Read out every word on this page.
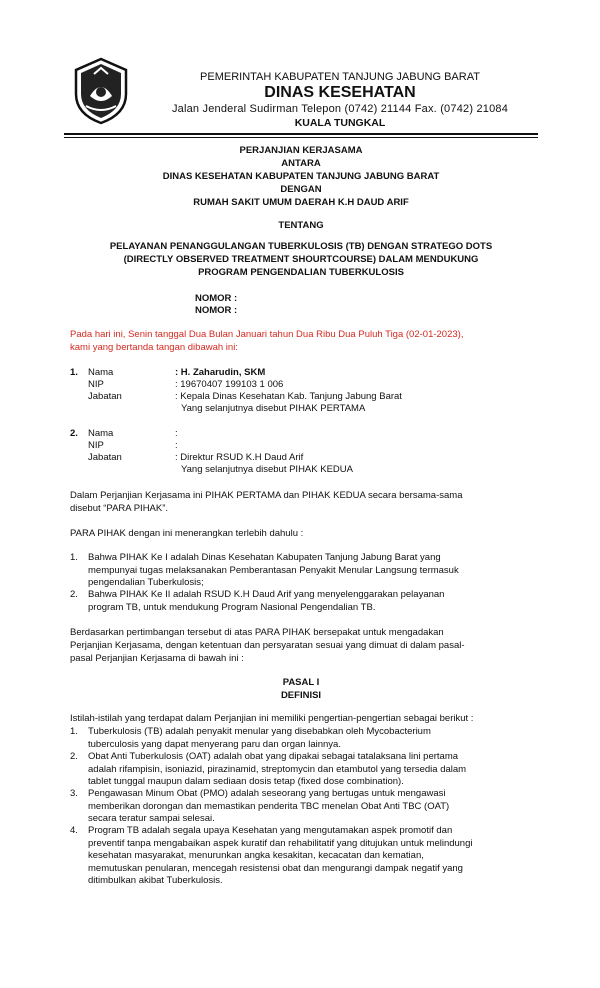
PEMERINTAH KABUPATEN TANJUNG JABUNG BARAT
DINAS KESEHATAN
Jalan Jenderal Sudirman Telepon (0742) 21144 Fax. (0742) 21084
KUALA TUNGKAL
PERJANJIAN KERJASAMA
ANTARA
DINAS KESEHATAN KABUPATEN TANJUNG JABUNG BARAT
DENGAN
RUMAH SAKIT UMUM DAERAH K.H DAUD ARIF
TENTANG
PELAYANAN PENANGGULANGAN TUBERKULOSIS (TB) DENGAN STRATEGO DOTS
(DIRECTLY OBSERVED TREATMENT SHOURTCOURSE) DALAM MENDUKUNG
PROGRAM PENGENDALIAN TUBERKULOSIS
NOMOR :
NOMOR :
Pada hari ini, Senin tanggal Dua Bulan Januari tahun Dua Ribu Dua Puluh Tiga (02-01-2023),
kami yang bertanda tangan dibawah ini:
1. Nama	: H. Zaharudin, SKM
NIP	: 19670407 199103 1 006
Jabatan	: Kepala Dinas Kesehatan Kab. Tanjung Jabung Barat
Yang selanjutnya disebut PIHAK PERTAMA
2. Nama	:
NIP	:
Jabatan	: Direktur RSUD K.H Daud Arif
Yang selanjutnya disebut PIHAK KEDUA
Dalam Perjanjian Kerjasama ini PIHAK PERTAMA dan PIHAK KEDUA secara bersama-sama
disebut “PARA PIHAK”.
PARA PIHAK dengan ini menerangkan terlebih dahulu :
1. Bahwa PIHAK Ke I adalah Dinas Kesehatan Kabupaten Tanjung Jabung Barat yang
mempunyai tugas melaksanakan Pemberantasan Penyakit Menular Langsung termasuk
pengendalian Tuberkulosis;
2. Bahwa PIHAK Ke II adalah RSUD K.H Daud Arif yang menyelenggarakan pelayanan
program TB, untuk mendukung Program Nasional Pengendalian TB.
Berdasarkan pertimbangan tersebut di atas PARA PIHAK bersepakat untuk mengadakan
Perjanjian Kerjasama, dengan ketentuan dan persyaratan sesuai yang dimuat di dalam pasal-
pasal Perjanjian Kerjasama di bawah ini :
PASAL I
DEFINISI
Istilah-istilah yang terdapat dalam Perjanjian ini memiliki pengertian-pengertian sebagai berikut :
1. Tuberkulosis (TB) adalah penyakit menular yang disebabkan oleh Mycobacterium
tuberculosis yang dapat menyerang paru dan organ lainnya.
2. Obat Anti Tuberkulosis (OAT) adalah obat yang dipakai sebagai tatalaksana lini pertama
adalah rifampisin, isoniazid, pirazinamid, streptomycin dan etambutol yang tersedia dalam
tablet tunggal maupun dalam sediaan dosis tetap (fixed dose combination).
3. Pengawasan Minum Obat (PMO) adalah seseorang yang bertugas untuk mengawasi
memberikan dorongan dan memastikan penderita TBC menelan Obat Anti TBC (OAT)
secara teratur sampai selesai.
4. Program TB adalah segala upaya Kesehatan yang mengutamakan aspek promotif dan
preventif tanpa mengabaikan aspek kuratif dan rehabilitatif yang ditujukan untuk melindungi
kesehatan masyarakat, menurunkan angka kesakitan, kecacatan dan kematian,
memutuskan penularan, mencegah resistensi obat dan mengurangi dampak negatif yang
ditimbulkan akibat Tuberkulosis.
